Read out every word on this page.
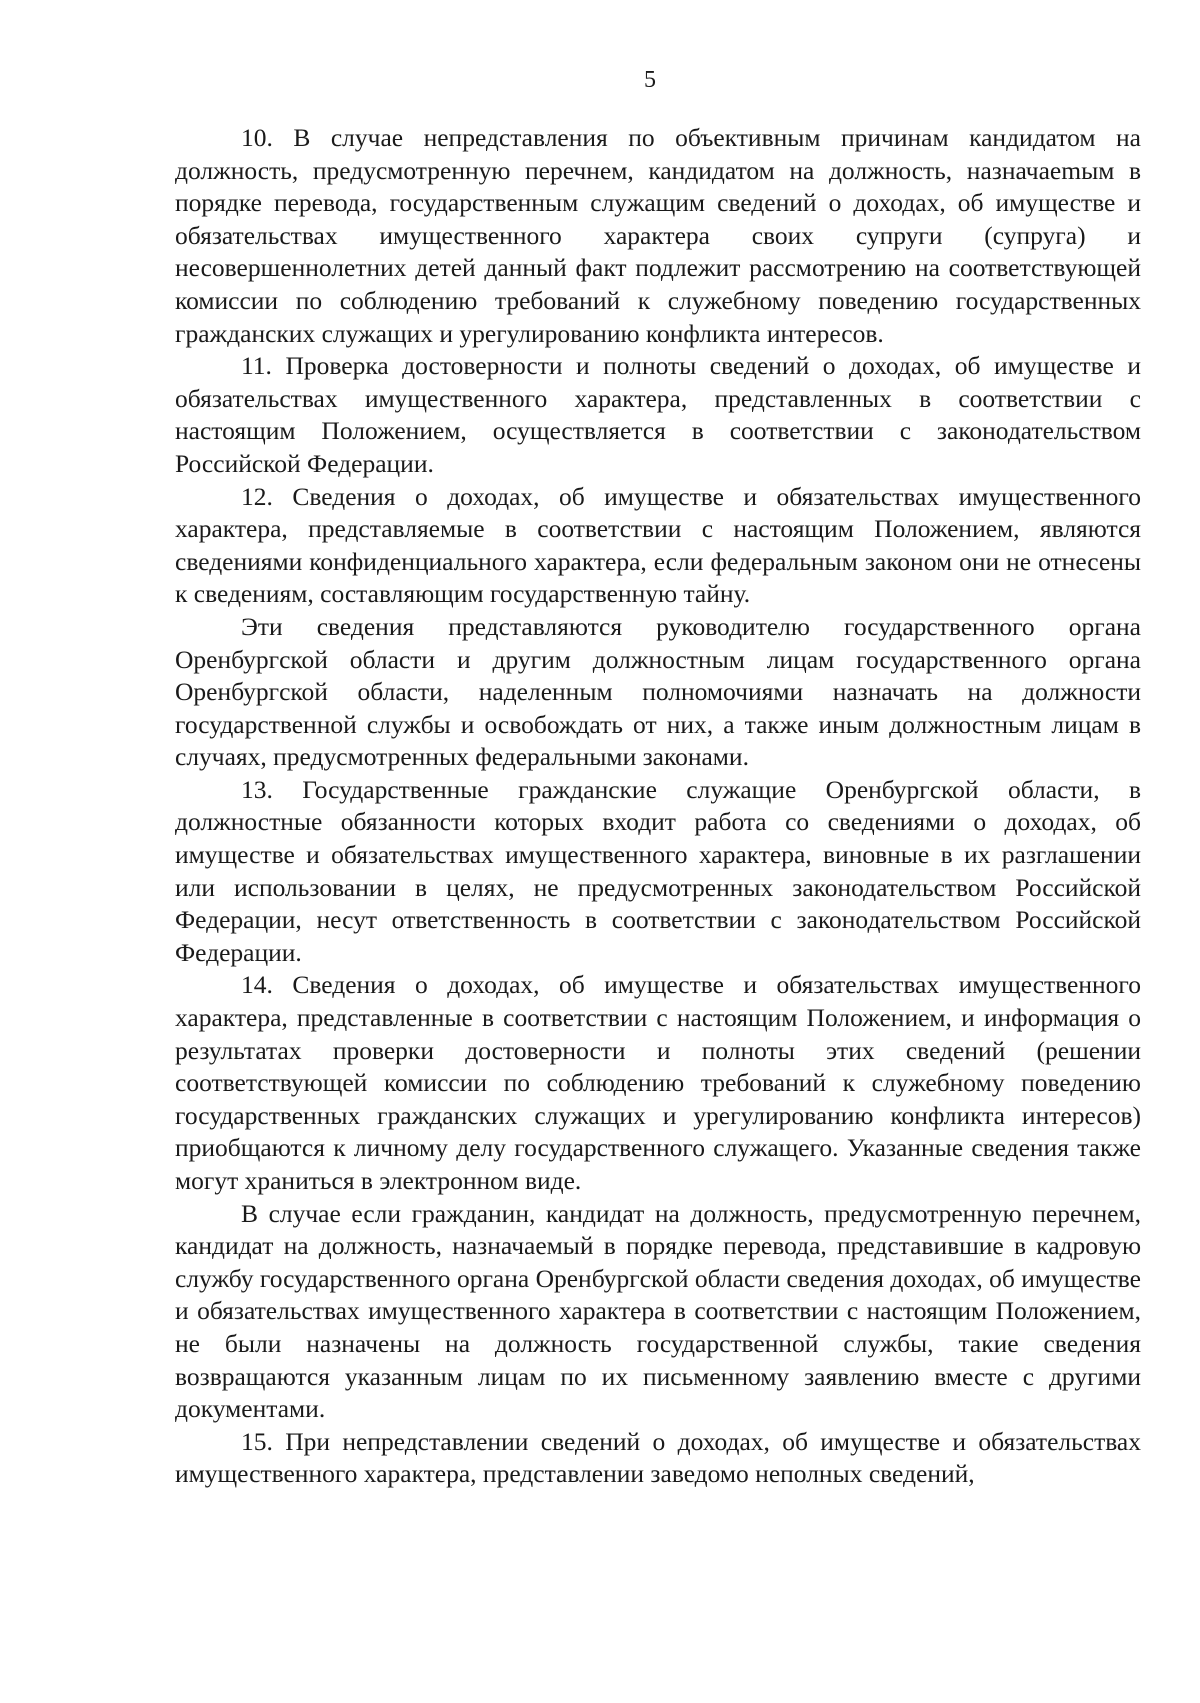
5

10. В случае непредставления по объективным причинам кандидатом на должность, предусмотренную перечнем, кандидатом на должность, назначаеmым в порядке перевода, государственным служащим сведений о доходах, об имуществе и обязательствах имущественного характера своих супруги (супруга) и несовершеннолетних детей данный факт подлежит рассмотрению на соответствующей комиссии по соблюдению требований к служебному поведению государственных гражданских служащих и урегулированию конфликта интересов.

11. Проверка достоверности и полноты сведений о доходах, об имуществе и обязательствах имущественного характера, представленных в соответствии с настоящим Положением, осуществляется в соответствии с законодательством Российской Федерации.

12. Сведения о доходах, об имуществе и обязательствах имущественного характера, представляемые в соответствии с настоящим Положением, являются сведениями конфиденциального характера, если федеральным законом они не отнесены к сведениям, составляющим государственную тайну.

Эти сведения представляются руководителю государственного органа Оренбургской области и другим должностным лицам государственного органа Оренбургской области, наделенным полномочиями назначать на должности государственной службы и освобождать от них, а также иным должностным лицам в случаях, предусмотренных федеральными законами.

13. Государственные гражданские служащие Оренбургской области, в должностные обязанности которых входит работа со сведениями о доходах, об имуществе и обязательствах имущественного характера, виновные в их разглашении или использовании в целях, не предусмотренных законодательством Российской Федерации, несут ответственность в соответствии с законодательством Российской Федерации.

14. Сведения о доходах, об имуществе и обязательствах имущественного характера, представленные в соответствии с настоящим Положением, и информация о результатах проверки достоверности и полноты этих сведений (решении соответствующей комиссии по соблюдению требований к служебному поведению государственных гражданских служащих и урегулированию конфликта интересов) приобщаются к личному делу государственного служащего. Указанные сведения также могут храниться в электронном виде.

В случае если гражданин, кандидат на должность, предусмотренную перечнем, кандидат на должность, назначаемый в порядке перевода, представившие в кадровую службу государственного органа Оренбургской области сведения доходах, об имуществе и обязательствах имущественного характера в соответствии с настоящим Положением, не были назначены на должность государственной службы, такие сведения возвращаются указанным лицам по их письменному заявлению вместе с другими документами.

15. При непредставлении сведений о доходах, об имуществе и обязательствах имущественного характера, представлении заведомо неполных сведений,
